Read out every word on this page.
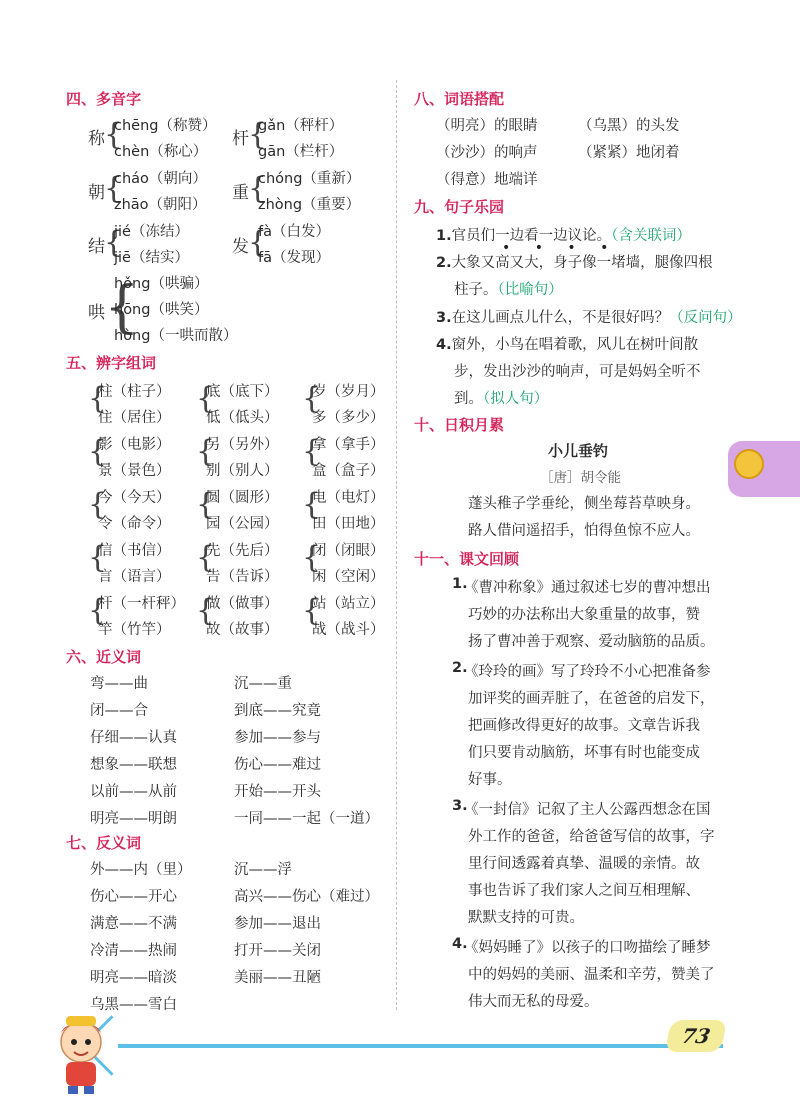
四、多音字
称 {
chēng（称赞）
chèn（称心）
杆 {
gǎn（秤杆）
gān（栏杆）
朝 {
cháo（朝向）
zhāo（朝阳）
重 {
chóng（重新）
zhòng（重要）
结 {
jié（冻结）
jiē（结实）
发 {
fà（白发）
fā（发现）
哄 {
hǒng（哄骗）
hōng（哄笑）
hòng（一哄而散）
五、辨字组词
{
柱（柱子）
住（居住）
{
底（底下）
低（低头）
{
岁（岁月）
多（多少）
{
影（电影）
景（景色）
{
另（另外）
别（别人）
{
拿（拿手）
盒（盒子）
{
今（今天）
令（命令）
{
圆（圆形）
园（公园）
{
电（电灯）
田（田地）
{
信（书信）
言（语言）
{
先（先后）
告（告诉）
{
闭（闭眼）
闲（空闲）
{
杆（一杆秤）
竿（竹竿）
{
做（做事）
故（故事）
{
站（站立）
战（战斗）
六、近义词
弯——曲
闭——合
仔细——认真
想象——联想
以前——从前
明亮——明朗
沉——重
到底——究竟
参加——参与
伤心——难过
开始——开头
一同——一起（一道）
七、反义词
外——内（里）
伤心——开心
满意——不满
冷清——热闹
明亮——暗淡
乌黑——雪白
沉——浮
高兴——伤心（难过）
参加——退出
打开——关闭
美丽——丑陋
八、词语搭配
（明亮）的眼睛
（沙沙）的响声
（得意）地端详
（乌黑）的头发
（紧紧）地闭着
九、句子乐园
1.官员们一边看一边议论。（含关联词）
• • • •
2.大象又高又大，身子像一堵墙，腿像四根
柱子。（比喻句）
3.在这儿画点儿什么，不是很好吗？（反问句）
4.窗外，小鸟在唱着歌，风儿在树叶间散
步，发出沙沙的响声，可是妈妈全听不
到。（拟人句）
十、日积月累
小儿垂钓
［唐］胡令能
蓬头稚子学垂纶，侧坐莓苔草映身。
路人借问遥招手，怕得鱼惊不应人。
十一、课文回顾
1.
《曹冲称象》通过叙述七岁的曹冲想出
巧妙的办法称出大象重量的故事，赞
扬了曹冲善于观察、爱动脑筋的品质。
2.
《玲玲的画》写了玲玲不小心把准备参
加评奖的画弄脏了，在爸爸的启发下，
把画修改得更好的故事。文章告诉我
们只要肯动脑筋，坏事有时也能变成
好事。
3.
《一封信》记叙了主人公露西想念在国
外工作的爸爸，给爸爸写信的故事，字
里行间透露着真挚、温暖的亲情。故
事也告诉了我们家人之间互相理解、
默默支持的可贵。
4.
《妈妈睡了》以孩子的口吻描绘了睡梦
中的妈妈的美丽、温柔和辛劳，赞美了
伟大而无私的母爱。
73
